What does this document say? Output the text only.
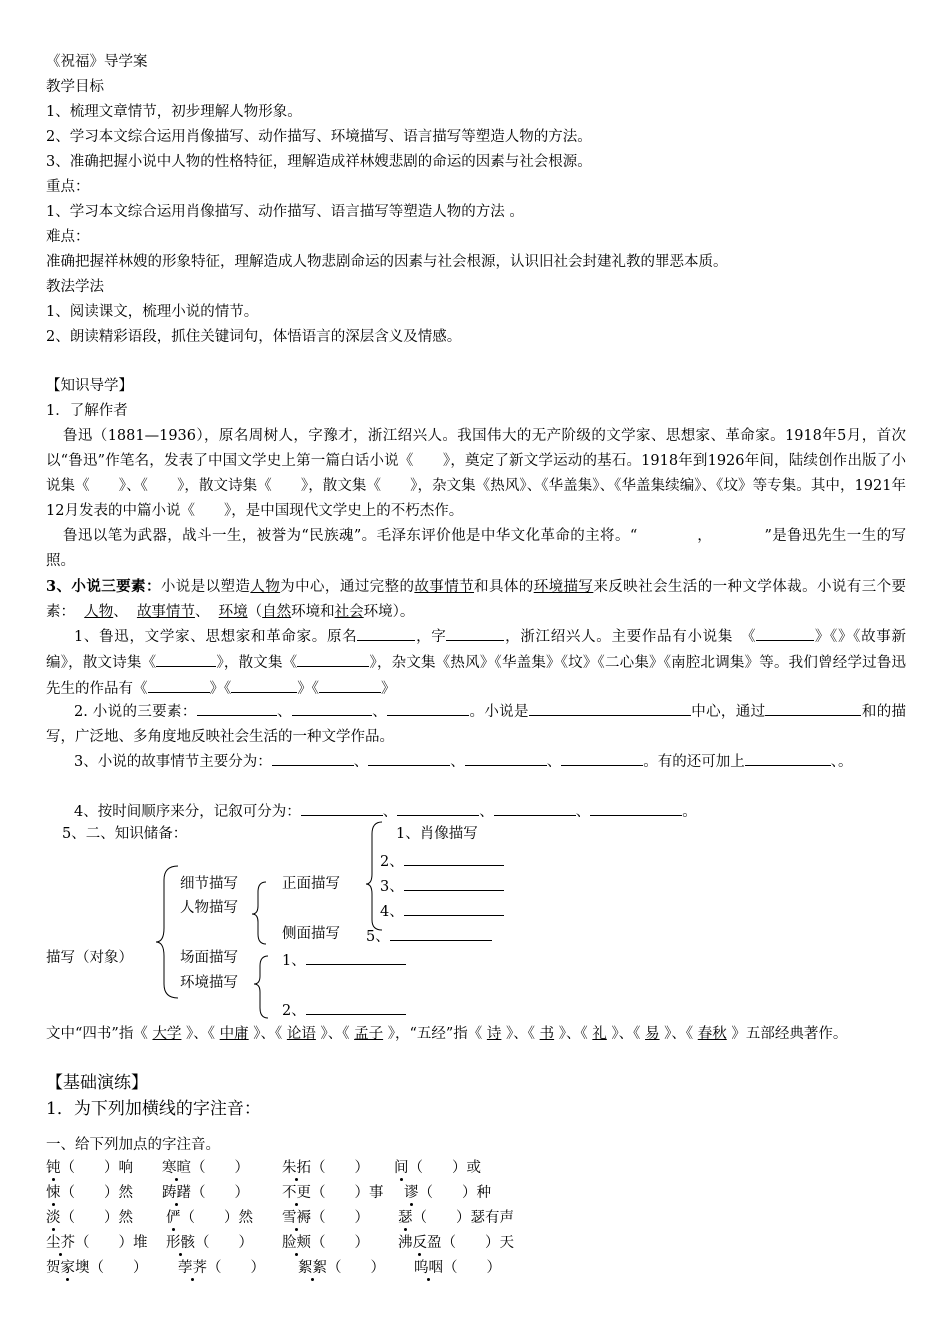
《祝福》导学案
教学目标
1、梳理文章情节，初步理解人物形象。
2、学习本文综合运用肖像描写、动作描写、环境描写、语言描写等塑造人物的方法。
3、准确把握小说中人物的性格特征，理解造成祥林嫂悲剧的命运的因素与社会根源。
重点：
1、学习本文综合运用肖像描写、动作描写、语言描写等塑造人物的方法 。
难点：
准确把握祥林嫂的形象特征，理解造成人物悲剧命运的因素与社会根源，认识旧社会封建礼教的罪恶本质。
教法学法
1、阅读课文，梳理小说的情节。
2、朗读精彩语段，抓住关键词句，体悟语言的深层含义及情感。
【知识导学】
1．了解作者
鲁迅（1881—1936），原名周树人，字豫才，浙江绍兴人。我国伟大的无产阶级的文学家、思想家、革命家。1918年5月，首次以“鲁迅”作笔名，发表了中国文学史上第一篇白话小说《　　》，奠定了新文学运动的基石。1918年到1926年间，陆续创作出版了小说集《　　》、《　　》，散文诗集《　　》，散文集《　　》，杂文集《热风》、《华盖集》、《华盖集续编》、《坟》等专集。其中，1921年12月发表的中篇小说《　　》，是中国现代文学史上的不朽杰作。
鲁迅以笔为武器，战斗一生，被誉为“民族魂”。毛泽东评价他是中华文化革命的主将。“　　　　，　　　　”是鲁迅先生一生的写照。
3、小说三要素：小说是以塑造人物为中心，通过完整的故事情节和具体的环境描写来反映社会生活的一种文学体裁。小说有三个要素： 人物、 故事情节、 环境（自然环境和社会环境）。
1、鲁迅，文学家、思想家和革命家。原名	，字	，浙江绍兴人。主要作品有小说集　《	》《》《故事新编》，散文诗集《	》，散文集《	》，杂文集《热风》《华盖集》《坟》《二心集》《南腔北调集》等。我们曾经学过鲁迅先生的作品有《	》《	》《	》
2. 小说的三要素：	、	、	。小说是	中心，通过	和的描写，广泛地、多角度地反映社会生活的一种文学作品。
3、小说的故事情节主要分为：	、	、	、	。有的还可加上	、。
4、按时间顺序来分，记叙可分为：	、	、	、	。
5、二、知识储备：
描写（对象）
细节描写
人物描写
场面描写
环境描写
正面描写
侧面描写
1、肖像描写
2、
3、
4、
5、
1、
2、
文中“四书”指《 大学 》、《 中庸 》、《 论语 》、《 孟子 》，“五经”指《 诗 》、《 书 》、《 礼 》、《 易 》、《 春秋 》五部经典著作。
【基础演练】
1．为下列加横线的字注音：
一、给下列加点的字注音。
钝（　　）响 寒暄（　　） 朱拓（　　） 间（　　）或
悚（　　）然 踌躇（　　） 不更（　　）事 谬（　　）种
淡（　　）然 俨（　　）然 雪褥（　　） 瑟（　　）瑟有声
尘芥（　　）堆 形骸（　　） 脸颊（　　） 沸反盈（　　）天
贺家墺（　　） 荸荠（　　） 絮絮（　　） 呜咽（　　）
